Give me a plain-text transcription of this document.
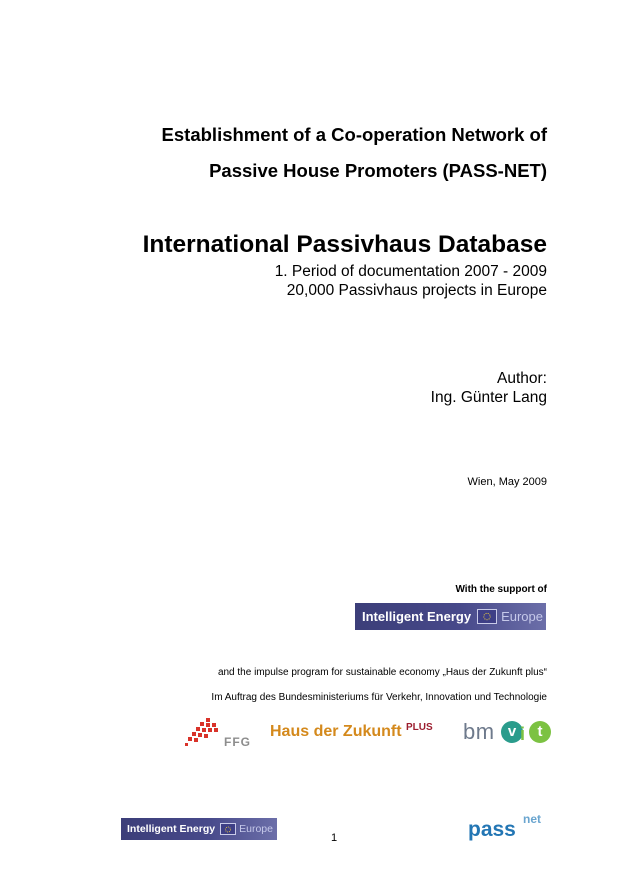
Establishment of a Co-operation Network of
Passive House Promoters (PASS-NET)
International Passivhaus Database
1. Period of documentation 2007 - 2009
20,000 Passivhaus projects in Europe
Author:
Ing. Günter Lang
Wien, May 2009
With the support of
Intelligent Energy Europe
and the impulse program for sustainable economy „Haus der Zukunft plus“
Im Auftrag des Bundesministeriums für Verkehr, Innovation und Technologie
FFG
Haus der Zukunft $^{PLUS}$ bm v i t
Intelligent Energy Europe
1	pass net
